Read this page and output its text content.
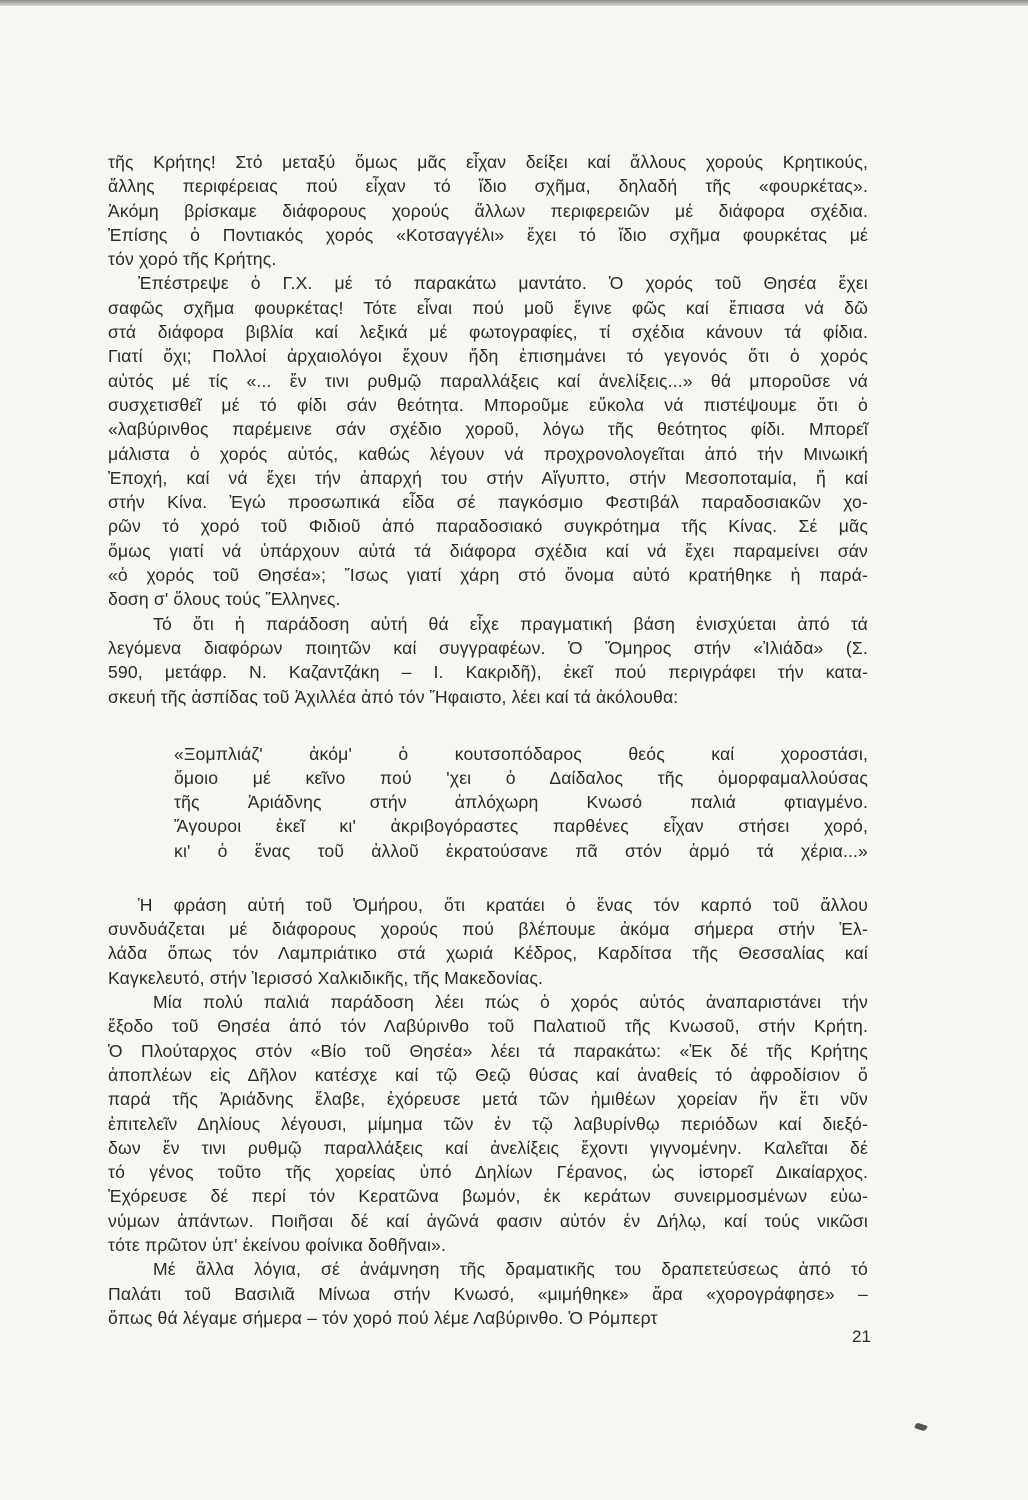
τῆς Κρήτης! Στό μεταξύ ὅμως μᾶς εἶχαν δείξει καί ἄλλους χορούς Κρητικούς,

ἄλλης περιφέρειας πού εἶχαν τό ἴδιο σχῆμα, δηλαδή τῆς «φουρκέτας».

Ἀκόμη βρίσκαμε διάφορους χορούς ἄλλων περιφερειῶν μέ διάφορα σχέδια.

Ἐπίσης ὁ Ποντιακός χορός «Κοτσαγγέλι» ἔχει τό ἴδιο σχῆμα φουρκέτας μέ

τόν χορό τῆς Κρήτης.

Ἐπέστρεψε ὁ Γ.Χ. μέ τό παρακάτω μαντάτο. Ὁ χορός τοῦ Θησέα ἔχει

σαφῶς σχῆμα φουρκέτας! Τότε εἶναι πού μοῦ ἔγινε φῶς καί ἔπιασα νά δῶ

στά διάφορα βιβλία καί λεξικά μέ φωτογραφίες, τί σχέδια κάνουν τά φίδια.

Γιατί ὄχι; Πολλοί ἀρχαιολόγοι ἔχουν ἤδη ἐπισημάνει τό γεγονός ὅτι ὁ χορός

αὐτός μέ τίς «... ἔν τινι ρυθμῷ παραλλάξεις καί ἀνελίξεις...» θά μποροῦσε νά

συσχετισθεῖ μέ τό φίδι σάν θεότητα. Μποροῦμε εὔκολα νά πιστέψουμε ὅτι ὁ

«λαβύρινθος παρέμεινε σάν σχέδιο χοροῦ, λόγω τῆς θεότητος φίδι. Μπορεῖ

μάλιστα ὁ χορός αὐτός, καθώς λέγουν νά προχρονολογεῖται ἀπό τήν Μινωική

Ἐποχή, καί νά ἔχει τήν ἀπαρχή του στήν Αἴγυπτο, στήν Μεσοποταμία, ἤ καί

στήν Κίνα. Ἐγώ προσωπικά εἶδα σέ παγκόσμιο Φεστιβάλ παραδοσιακῶν χο-

ρῶν τό χορό τοῦ Φιδιοῦ ἀπό παραδοσιακό συγκρότημα τῆς Κίνας. Σέ μᾶς

ὅμως γιατί νά ὑπάρχουν αὐτά τά διάφορα σχέδια καί νά ἔχει παραμείνει σάν

«ὁ χορός τοῦ Θησέα»; Ἴσως γιατί χάρη στό ὄνομα αὐτό κρατήθηκε ἡ παρά-

δοση σ' ὅλους τούς Ἕλληνες.

Τό ὅτι ἡ παράδοση αὐτή θά εἶχε πραγματική βάση ἐνισχύεται ἀπό τά

λεγόμενα διαφόρων ποιητῶν καί συγγραφέων. Ὁ Ὅμηρος στήν «Ἰλιάδα» (Σ.

590, μετάφρ. Ν. Καζαντζάκη – Ι. Κακριδῆ), ἐκεῖ πού περιγράφει τήν κατα-

σκευή τῆς ἀσπίδας τοῦ Ἀχιλλέα ἀπό τόν Ἥφαιστο, λέει καί τά ἀκόλουθα:

«Ξομπλιάζ' ἀκόμ' ὁ κουτσοπόδαρος θεός καί χοροστάσι,

ὅμοιο μέ κεῖνο πού 'χει ὁ Δαίδαλος τῆς ὀμορφαμαλλούσας

τῆς Ἀριάδνης στήν ἀπλόχωρη Κνωσό παλιά φτιαγμένο.

Ἄγουροι ἐκεῖ κι' ἀκριβογόραστες παρθένες εἶχαν στήσει χορό,

κι' ὁ ἕνας τοῦ ἀλλοῦ ἐκρατούσανε πᾶ στόν ἁρμό τά χέρια...»

Ἡ φράση αὐτή τοῦ Ὁμήρου, ὅτι κρατάει ὁ ἕνας τόν καρπό τοῦ ἄλλου

συνδυάζεται μέ διάφορους χορούς πού βλέπουμε ἀκόμα σήμερα στήν Ἑλ-

λάδα ὅπως τόν Λαμπριάτικο στά χωριά Κέδρος, Καρδίτσα τῆς Θεσσαλίας καί

Καγκελευτό, στήν Ἱερισσό Χαλκιδικῆς, τῆς Μακεδονίας.

Μία πολύ παλιά παράδοση λέει πώς ὁ χορός αὐτός ἀναπαριστάνει τήν

ἔξοδο τοῦ Θησέα ἀπό τόν Λαβύρινθο τοῦ Παλατιοῦ τῆς Κνωσοῦ, στήν Κρήτη.

Ὁ Πλούταρχος στόν «Βίο τοῦ Θησέα» λέει τά παρακάτω: «Ἐκ δέ τῆς Κρήτης

ἀποπλέων εἰς Δῆλον κατέσχε καί τῷ Θεῷ θύσας καί ἀναθείς τό ἀφροδίσιον ὅ

παρά τῆς Ἀριάδνης ἔλαβε, ἐχόρευσε μετά τῶν ἠμιθέων χορείαν ἥν ἔτι νῦν

ἐπιτελεῖν Δηλίους λέγουσι, μίμημα τῶν ἐν τῷ λαβυρίνθῳ περιόδων καί διεξό-

δων ἔν τινι ρυθμῷ παραλλάξεις καί ἀνελίξεις ἔχοντι γιγνομένην. Καλεῖται δέ

τό γένος τοῦτο τῆς χορείας ὑπό Δηλίων Γέρανος, ὡς ἱστορεῖ Δικαίαρχος.

Ἐχόρευσε δέ περί τόν Κερατῶνα βωμόν, ἐκ κεράτων συνειρμοσμένων εὐω-

νύμων ἁπάντων. Ποιῆσαι δέ καί ἀγῶνά φασιν αὐτόν ἐν Δήλῳ, καί τούς νικῶσι

τότε πρῶτον ὑπ' ἐκείνου φοίνικα δοθῆναι».

Μέ ἄλλα λόγια, σέ ἀνάμνηση τῆς δραματικῆς του δραπετεύσεως ἀπό τό

Παλάτι τοῦ Βασιλιᾶ Μίνωα στήν Κνωσό, «μιμήθηκε» ἄρα «χορογράφησε» –

ὅπως θά λέγαμε σήμερα – τόν χορό πού λέμε Λαβύρινθο. Ὁ Ρόμπερτ

21
